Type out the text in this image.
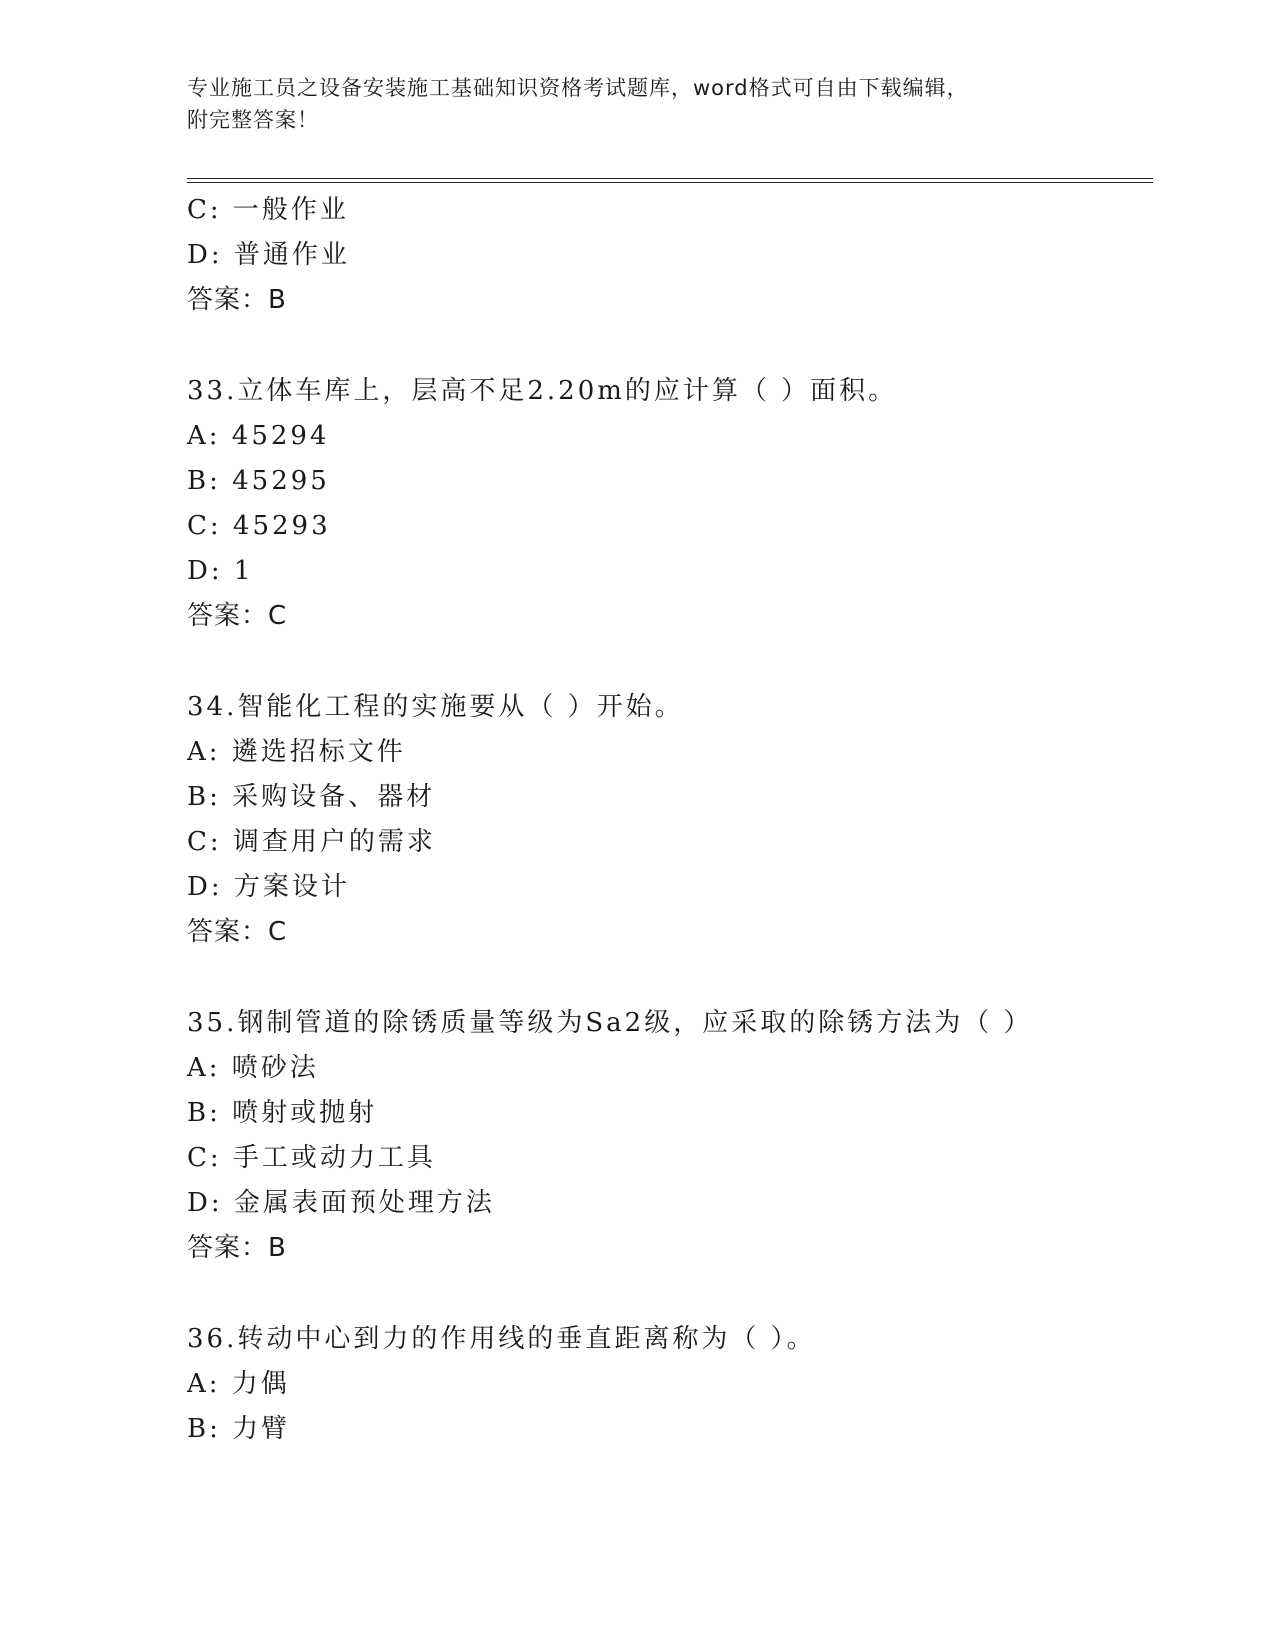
专业施工员之设备安装施工基础知识资格考试题库，word格式可自由下载编辑，
附完整答案！
C: 一般作业
D: 普通作业
答案：B
33.立体车库上，层高不足2.20m的应计算（ ）面积。
A: 45294
B: 45295
C: 45293
D: 1
答案：C
34.智能化工程的实施要从（ ）开始。
A: 遴选招标文件
B: 采购设备、器材
C: 调查用户的需求
D: 方案设计
答案：C
35.钢制管道的除锈质量等级为Sa2级，应采取的除锈方法为（ ）
A: 喷砂法
B: 喷射或抛射
C: 手工或动力工具
D: 金属表面预处理方法
答案：B
36.转动中心到力的作用线的垂直距离称为（ ）。
A: 力偶
B: 力臂
